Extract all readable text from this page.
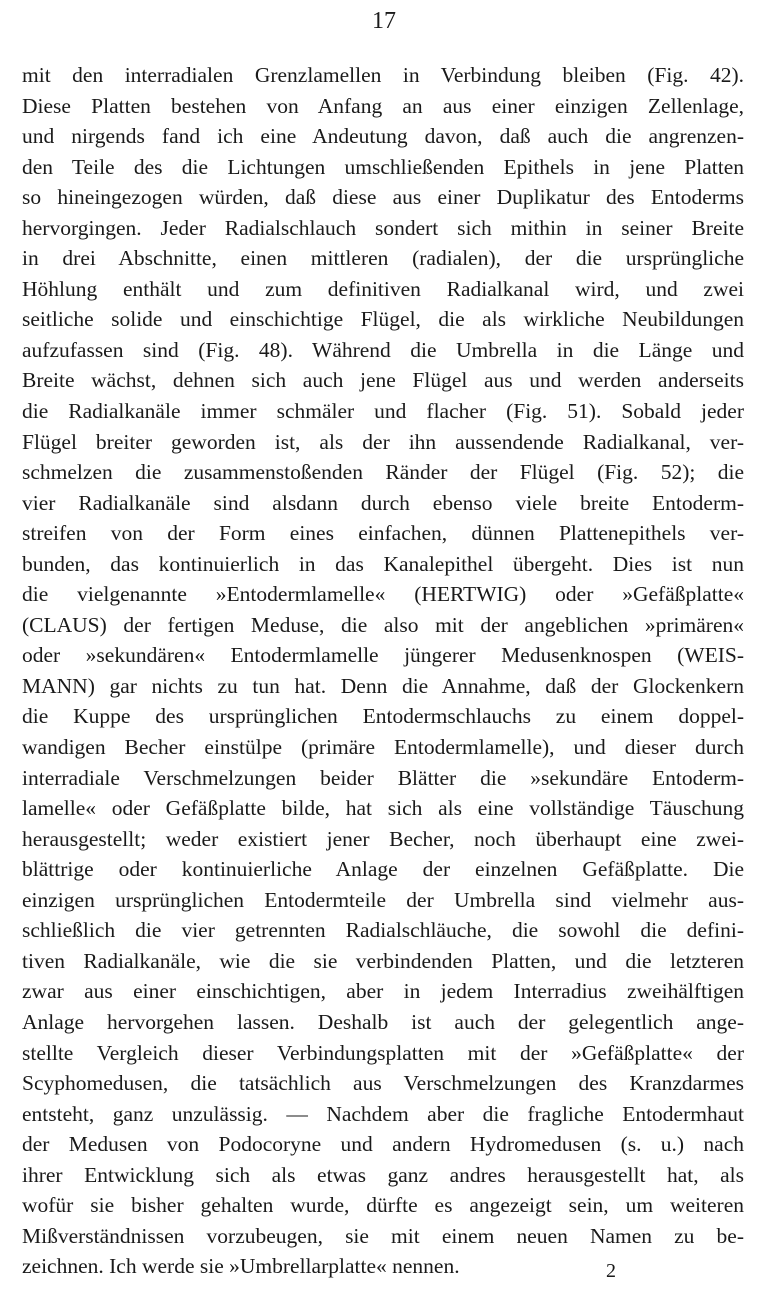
17
mit den interradialen Grenzlamellen in Verbindung bleiben (Fig. 42).
Diese Platten bestehen von Anfang an aus einer einzigen Zellenlage,
und nirgends fand ich eine Andeutung davon, daß auch die angrenzen-
den Teile des die Lichtungen umschließenden Epithels in jene Platten
so hineingezogen würden, daß diese aus einer Duplikatur des Entoderms
hervorgingen. Jeder Radialschlauch sondert sich mithin in seiner Breite
in drei Abschnitte, einen mittleren (radialen), der die ursprüngliche
Höhlung enthält und zum definitiven Radialkanal wird, und zwei
seitliche solide und einschichtige Flügel, die als wirkliche Neubildungen
aufzufassen sind (Fig. 48). Während die Umbrella in die Länge und
Breite wächst, dehnen sich auch jene Flügel aus und werden anderseits
die Radialkanäle immer schmäler und flacher (Fig. 51). Sobald jeder
Flügel breiter geworden ist, als der ihn aussendende Radialkanal, ver-
schmelzen die zusammenstoßenden Ränder der Flügel (Fig. 52); die
vier Radialkanäle sind alsdann durch ebenso viele breite Entoderm-
streifen von der Form eines einfachen, dünnen Plattenepithels ver-
bunden, das kontinuierlich in das Kanalepithel übergeht. Dies ist nun
die vielgenannte »Entodermlamelle« (HERTWIG) oder »Gefäßplatte«
(CLAUS) der fertigen Meduse, die also mit der angeblichen »primären«
oder »sekundären« Entodermlamelle jüngerer Medusenknospen (WEIS-
MANN) gar nichts zu tun hat. Denn die Annahme, daß der Glockenkern
die Kuppe des ursprünglichen Entodermschlauchs zu einem doppel-
wandigen Becher einstülpe (primäre Entodermlamelle), und dieser durch
interradiale Verschmelzungen beider Blätter die »sekundäre Entoderm-
lamelle« oder Gefäßplatte bilde, hat sich als eine vollständige Täuschung
herausgestellt; weder existiert jener Becher, noch überhaupt eine zwei-
blättrige oder kontinuierliche Anlage der einzelnen Gefäßplatte. Die
einzigen ursprünglichen Entodermteile der Umbrella sind vielmehr aus-
schließlich die vier getrennten Radialschläuche, die sowohl die defini-
tiven Radialkanäle, wie die sie verbindenden Platten, und die letzteren
zwar aus einer einschichtigen, aber in jedem Interradius zweihälftigen
Anlage hervorgehen lassen. Deshalb ist auch der gelegentlich ange-
stellte Vergleich dieser Verbindungsplatten mit der »Gefäßplatte« der
Scyphomedusen, die tatsächlich aus Verschmelzungen des Kranzdarmes
entsteht, ganz unzulässig. — Nachdem aber die fragliche Entodermhaut
der Medusen von Podocoryne und andern Hydromedusen (s. u.) nach
ihrer Entwicklung sich als etwas ganz andres herausgestellt hat, als
wofür sie bisher gehalten wurde, dürfte es angezeigt sein, um weiteren
Mißverständnissen vorzubeugen, sie mit einem neuen Namen zu be-
zeichnen. Ich werde sie »Umbrellarplatte« nennen.	2
